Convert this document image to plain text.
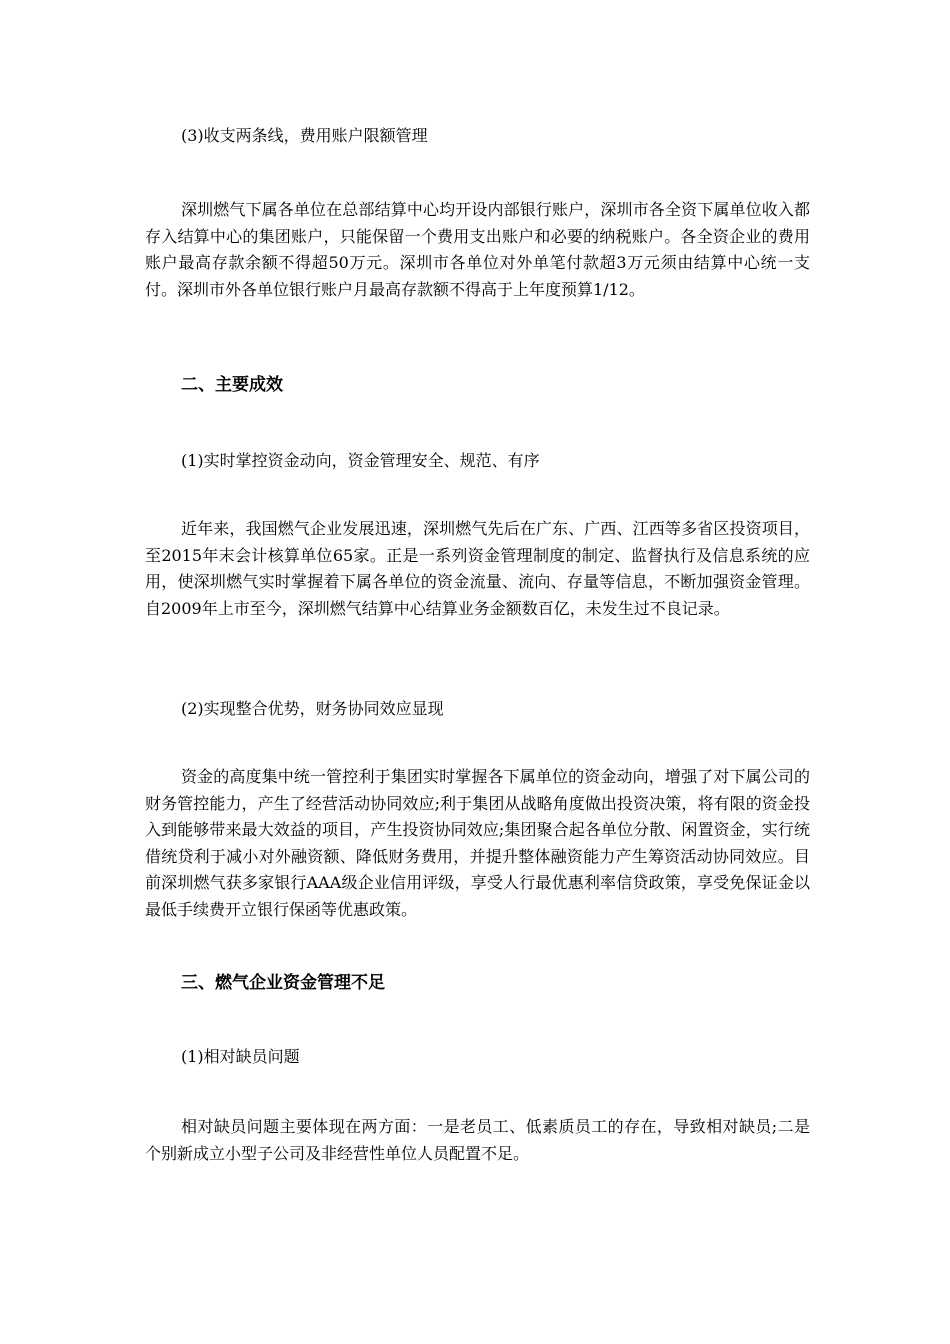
(3)收支两条线，费用账户限额管理

深圳燃气下属各单位在总部结算中心均开设内部银行账户，深圳市各全资下属单位收入都存入结算中心的集团账户，只能保留一个费用支出账户和必要的纳税账户。各全资企业的费用账户最高存款余额不得超50万元。深圳市各单位对外单笔付款超3万元须由结算中心统一支付。深圳市外各单位银行账户月最高存款额不得高于上年度预算1/12。

二、主要成效

(1)实时掌控资金动向，资金管理安全、规范、有序

近年来，我国燃气企业发展迅速，深圳燃气先后在广东、广西、江西等多省区投资项目，至2015年末会计核算单位65家。正是一系列资金管理制度的制定、监督执行及信息系统的应用，使深圳燃气实时掌握着下属各单位的资金流量、流向、存量等信息，不断加强资金管理。自2009年上市至今，深圳燃气结算中心结算业务金额数百亿，未发生过不良记录。

(2)实现整合优势，财务协同效应显现

资金的高度集中统一管控利于集团实时掌握各下属单位的资金动向，增强了对下属公司的财务管控能力，产生了经营活动协同效应;利于集团从战略角度做出投资决策，将有限的资金投入到能够带来最大效益的项目，产生投资协同效应;集团聚合起各单位分散、闲置资金，实行统借统贷利于减小对外融资额、降低财务费用，并提升整体融资能力产生筹资活动协同效应。目前深圳燃气获多家银行AAA级企业信用评级，享受人行最优惠利率信贷政策，享受免保证金以最低手续费开立银行保函等优惠政策。

三、燃气企业资金管理不足

(1)相对缺员问题

相对缺员问题主要体现在两方面：一是老员工、低素质员工的存在，导致相对缺员;二是个别新成立小型子公司及非经营性单位人员配置不足。
